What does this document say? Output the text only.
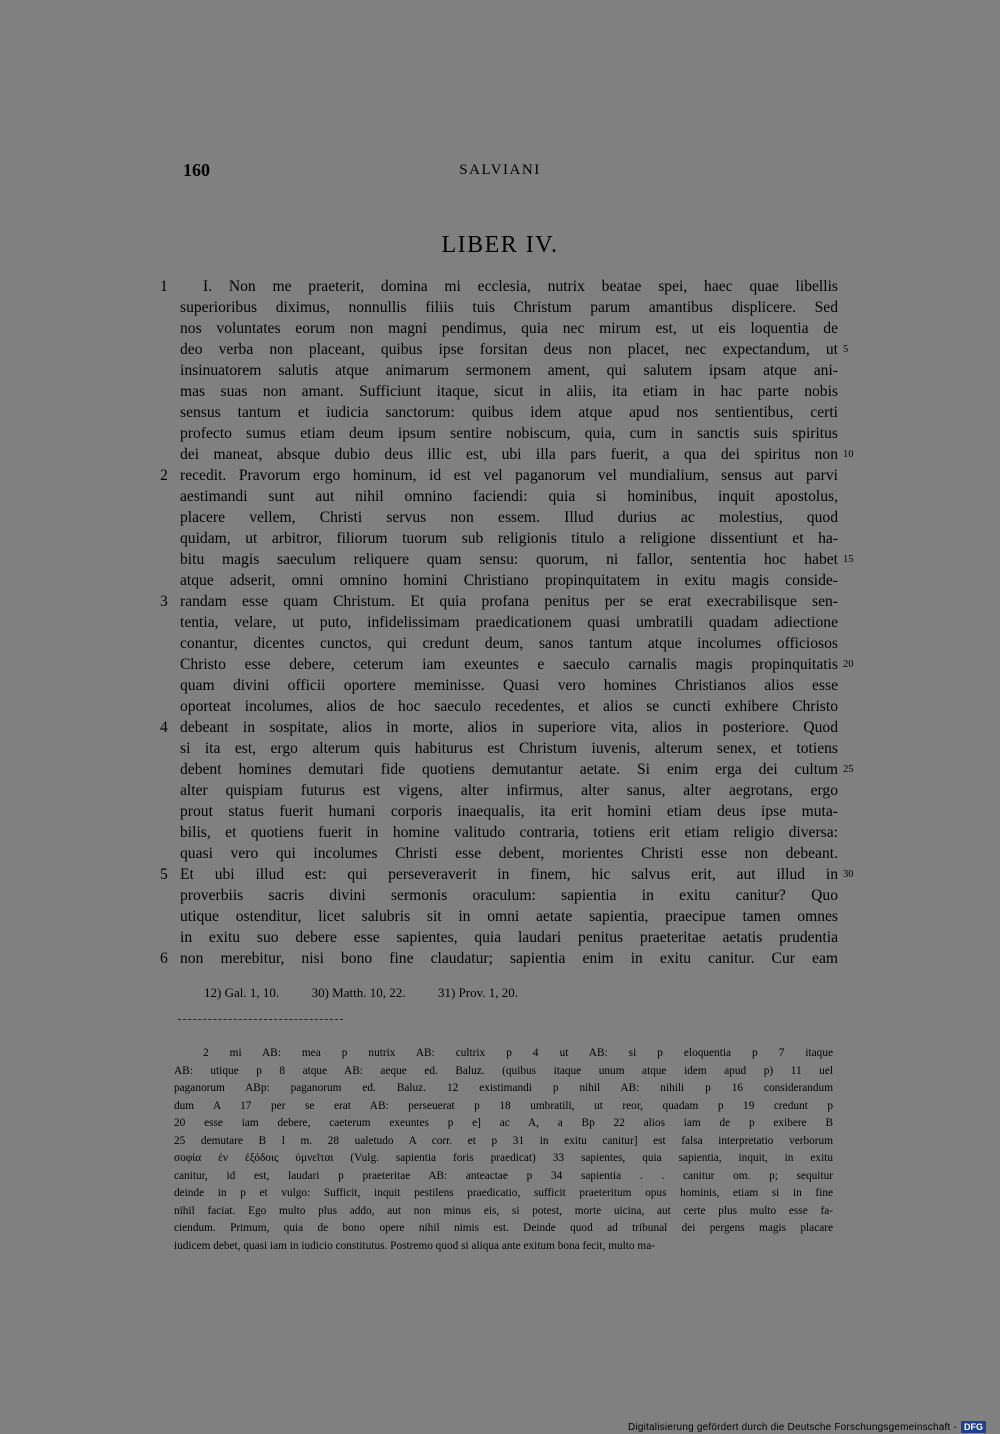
160	SALVIANI
LIBER IV.
1	I. Non me praeterit, domina mi ecclesia, nutrix beatae spei, haec quae libellis
superioribus diximus, nonnullis filiis tuis Christum parum amantibus displicere. Sed
nos voluntates eorum non magni pendimus, quia nec mirum est, ut eis loquentia de
deo verba non placeant, quibus ipse forsitan deus non placet, nec expectandum, ut 5
insinuatorem salutis atque animarum sermonem ament, qui salutem ipsam atque ani-
mas suas non amant. Sufficiunt itaque, sicut in aliis, ita etiam in hac parte nobis
sensus tantum et iudicia sanctorum: quibus idem atque apud nos sentientibus, certi
profecto sumus etiam deum ipsum sentire nobiscum, quia, cum in sanctis suis spiritus
dei maneat, absque dubio deus illic est, ubi illa pars fuerit, a qua dei spiritus non 10
2 recedit. Pravorum ergo hominum, id est vel paganorum vel mundialium, sensus aut parvi
aestimandi sunt aut nihil omnino faciendi: quia si hominibus, inquit apostolus,
placere vellem, Christi servus non essem. Illud durius ac molestius, quod
quidam, ut arbitror, filiorum tuorum sub religionis titulo a religione dissentiunt et ha-
bitu magis saeculum reliquere quam sensu: quorum, ni fallor, sententia hoc habet 15
atque adserit, omni omnino homini Christiano propinquitatem in exitu magis conside-
3 randam esse quam Christum. Et quia profana penitus per se erat execrabilisque sen-
tentia, velare, ut puto, infidelissimam praedicationem quasi umbratili quadam adiectione
conantur, dicentes cunctos, qui credunt deum, sanos tantum atque incolumes officiosos
Christo esse debere, ceterum iam exeuntes e saeculo carnalis magis propinquitatis 20
quam divini officii oportere meminisse. Quasi vero homines Christianos alios esse
oporteat incolumes, alios de hoc saeculo recedentes, et alios se cuncti exhibere Christo
4 debeant in sospitate, alios in morte, alios in superiore vita, alios in posteriore. Quod
si ita est, ergo alterum quis habiturus est Christum iuvenis, alterum senex, et totiens
debent homines demutari fide quotiens demutantur aetate. Si enim erga dei cultum 25
alter quispiam futurus est vigens, alter infirmus, alter sanus, alter aegrotans, ergo
prout status fuerit humani corporis inaequalis, ita erit homini etiam deus ipse muta-
bilis, et quotiens fuerit in homine valitudo contraria, totiens erit etiam religio diversa:
quasi vero qui incolumes Christi esse debent, morientes Christi esse non debeant.
5 Et ubi illud est: qui perseveraverit in finem, hic salvus erit, aut illud in 30
proverbiis sacris divini sermonis oraculum: sapientia in exitu canitur? Quo
utique ostenditur, licet salubris sit in omni aetate sapientia, praecipue tamen omnes
in exitu suo debere esse sapientes, quia laudari penitus praeteritae aetatis prudentia
6 non merebitur, nisi bono fine claudatur; sapientia enim in exitu canitur. Cur eam
12) Gal. 1, 10.          30) Matth. 10, 22.          31) Prov. 1, 20.
2 mi AB: mea p nutrix AB: cultrix p 4 ut AB: si p eloquentia p 7 itaque
AB: utique p 8 atque AB: aeque ed. Baluz. (quibus itaque unum atque idem apud p) 11 uel
paganorum ABp: paganorum ed. Baluz. 12 existimandi p nihil AB: nihili p 16 considerandum
dum A 17 per se erat AB: perseuerat p 18 umbratili, ut reor, quadam p 19 credunt p
20 esse iam debere, caeterum exeuntes p e] ac A, a Bp 22 alios iam de p exibere B
25 demutare B l m. 28 ualetudo A corr. et p 31 in exitu canitur] est falsa interpretatio verborum
σοφία ἐν ἐξόδοις ὑμνεῖται (Vulg. sapientia foris praedicat) 33 sapientes, quia sapientia, inquit, in exitu
canitur, id est, laudari p praeteritae AB: anteactae p 34 sapientia . . canitur om. p; sequitur
deinde in p et vulgo: Sufficit, inquit pestilens praedicatio, sufficit praeteritum opus hominis, etiam si in fine
nihil faciat. Ego multo plus addo, aut non minus eis, si potest, morte uicina, aut certe plus multo esse fa-
ciendum. Primum, quia de bono opere nihil nimis est. Deinde quod ad tribunal dei pergens magis placare
iudicem debet, quasi iam in iudicio constitutus. Postremo quod si aliqua ante exitum bona fecit, multo ma-
Digitalisierung gefördert durch die Deutsche Forschungsgemeinschaft - DFG
